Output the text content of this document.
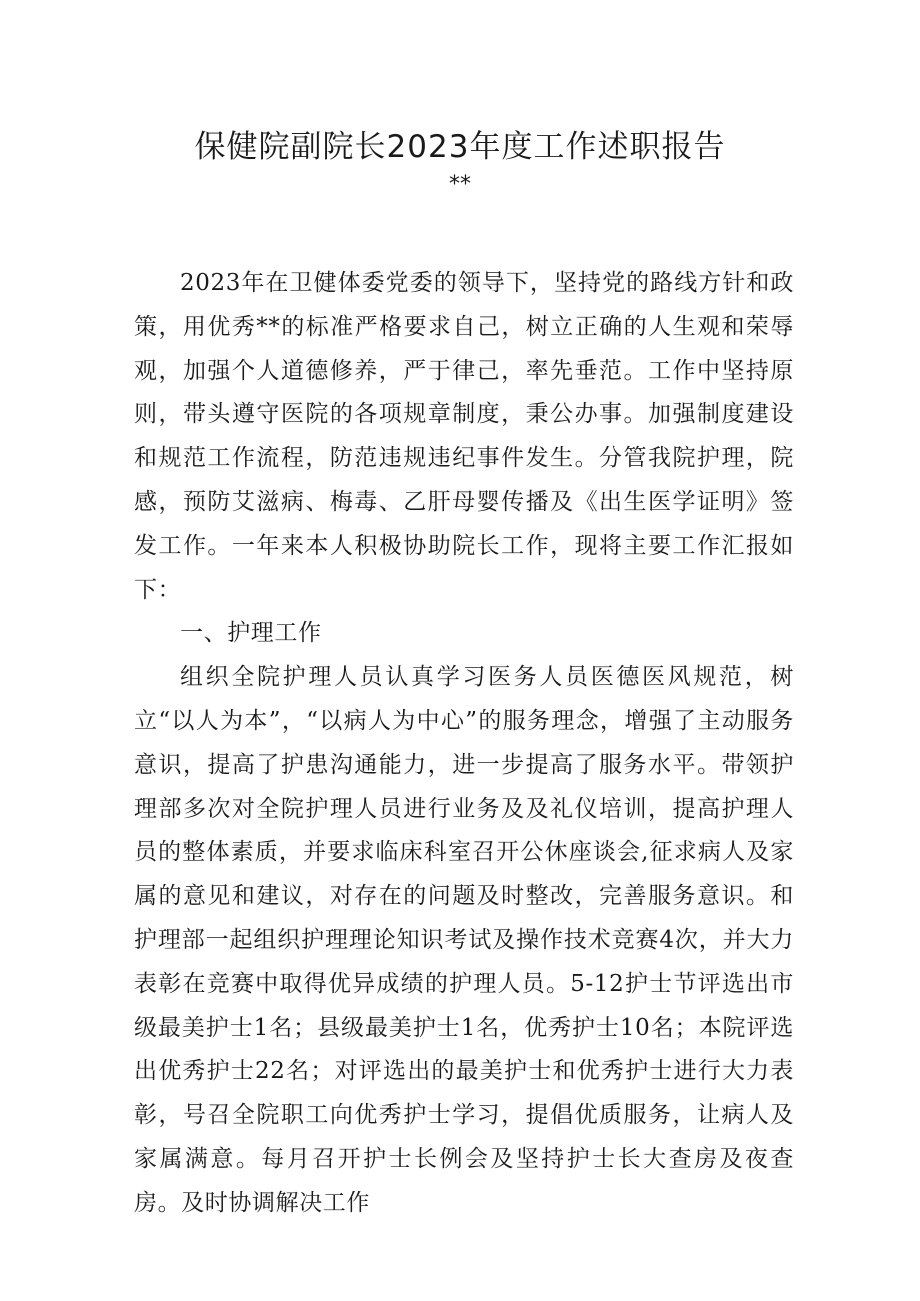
保健院副院长2023年度工作述职报告
**

2023年在卫健体委党委的领导下，坚持党的路线方针和政策，用优秀**的标准严格要求自己，树立正确的人生观和荣辱观，加强个人道德修养，严于律己，率先垂范。工作中坚持原则，带头遵守医院的各项规章制度，秉公办事。加强制度建设和规范工作流程，防范违规违纪事件发生。分管我院护理，院感，预防艾滋病、梅毒、乙肝母婴传播及《出生医学证明》签发工作。一年来本人积极协助院长工作，现将主要工作汇报如下：

一、护理工作

组织全院护理人员认真学习医务人员医德医风规范，树立“以人为本”，“以病人为中心”的服务理念，增强了主动服务意识，提高了护患沟通能力，进一步提高了服务水平。带领护理部多次对全院护理人员进行业务及及礼仪培训，提高护理人员的整体素质，并要求临床科室召开公休座谈会,征求病人及家属的意见和建议，对存在的问题及时整改，完善服务意识。和护理部一起组织护理理论知识考试及操作技术竞赛4次，并大力表彰在竞赛中取得优异成绩的护理人员。5-12护士节评选出市级最美护士1名；县级最美护士1名，优秀护士10名；本院评选出优秀护士22名；对评选出的最美护士和优秀护士进行大力表彰，号召全院职工向优秀护士学习，提倡优质服务，让病人及家属满意。每月召开护士长例会及坚持护士长大查房及夜查房。及时协调解决工作
